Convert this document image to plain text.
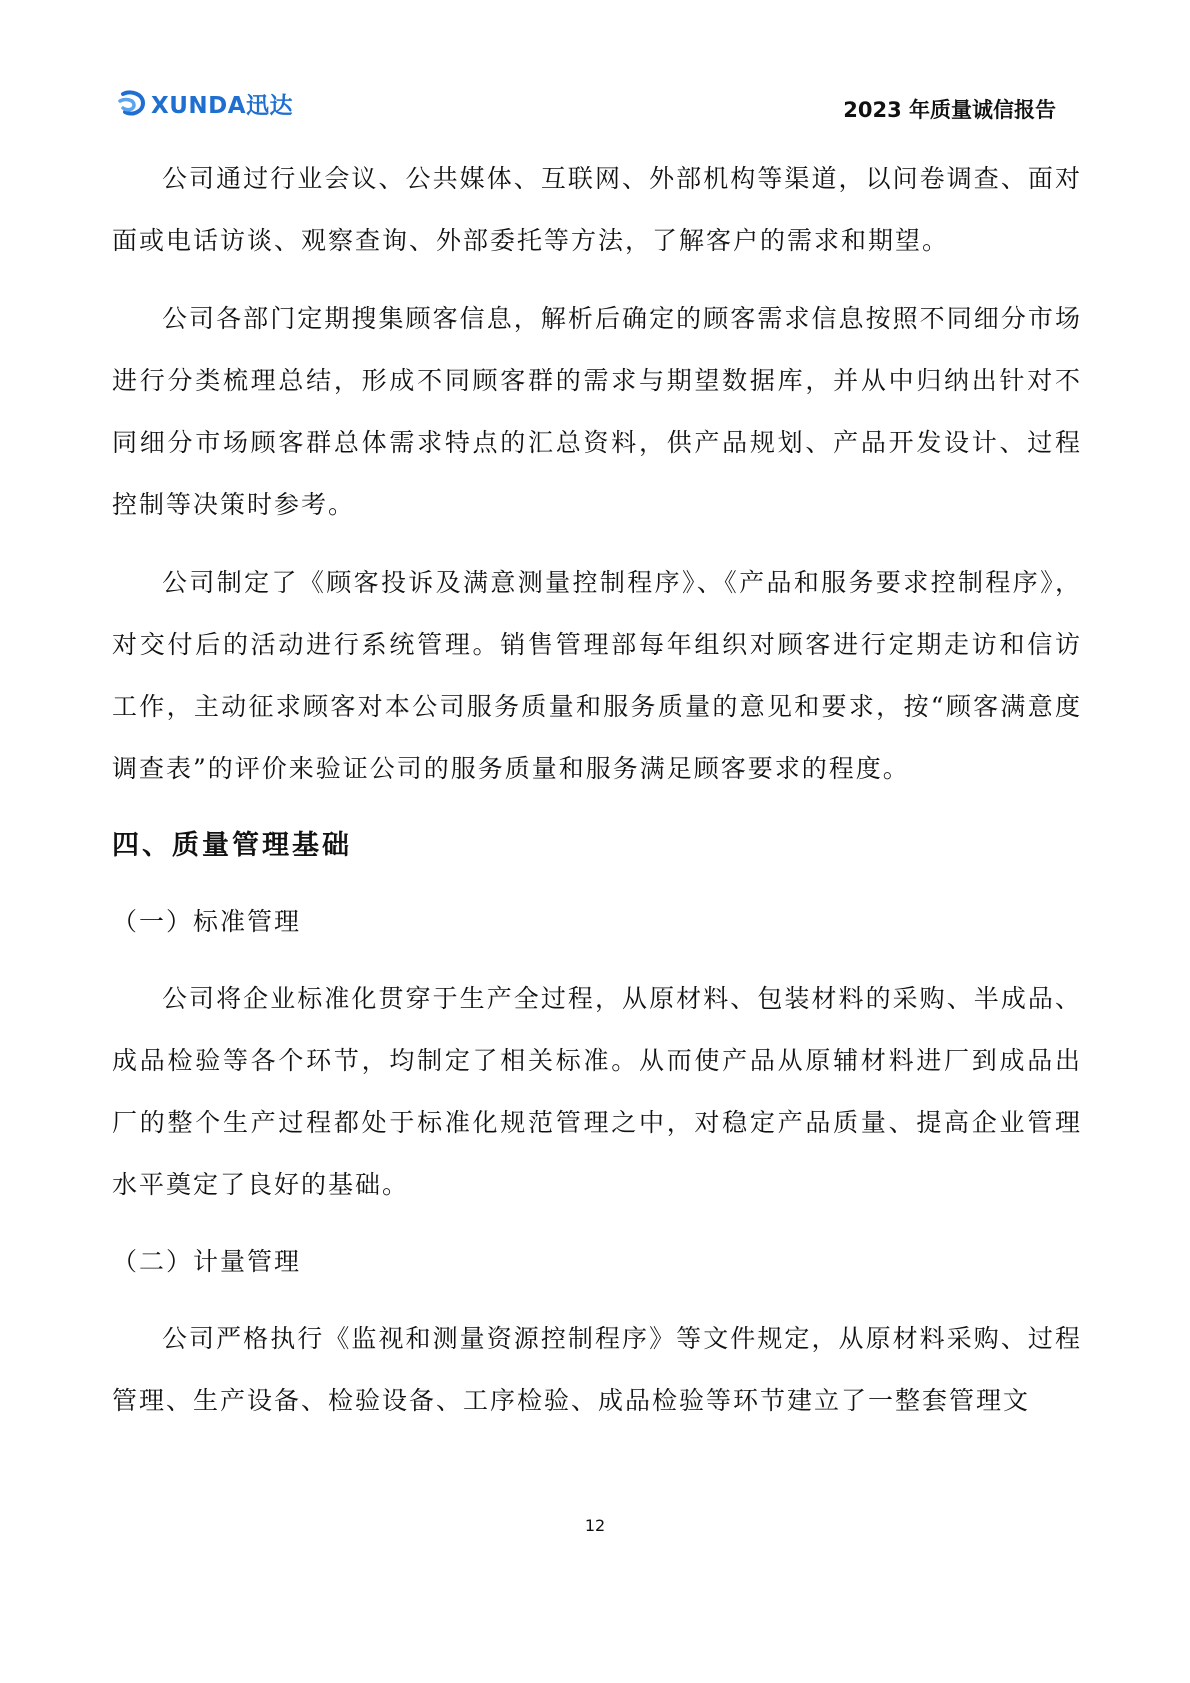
XUNDA迅达	2023 年质量诚信报告

公司通过行业会议、公共媒体、互联网、外部机构等渠道，以问卷调查、面对面或电话访谈、观察查询、外部委托等方法，了解客户的需求和期望。

公司各部门定期搜集顾客信息，解析后确定的顾客需求信息按照不同细分市场进行分类梳理总结，形成不同顾客群的需求与期望数据库，并从中归纳出针对不同细分市场顾客群总体需求特点的汇总资料，供产品规划、产品开发设计、过程控制等决策时参考。

公司制定了《顾客投诉及满意测量控制程序》、《产品和服务要求控制程序》，对交付后的活动进行系统管理。销售管理部每年组织对顾客进行定期走访和信访工作，主动征求顾客对本公司服务质量和服务质量的意见和要求，按“顾客满意度调查表”的评价来验证公司的服务质量和服务满足顾客要求的程度。

四、质量管理基础
（一）标准管理

公司将企业标准化贯穿于生产全过程，从原材料、包装材料的采购、半成品、成品检验等各个环节，均制定了相关标准。从而使产品从原辅材料进厂到成品出厂的整个生产过程都处于标准化规范管理之中，对稳定产品质量、提高企业管理水平奠定了良好的基础。

（二）计量管理

公司严格执行《监视和测量资源控制程序》等文件规定，从原材料采购、过程管理、生产设备、检验设备、工序检验、成品检验等环节建立了一整套管理文

12
